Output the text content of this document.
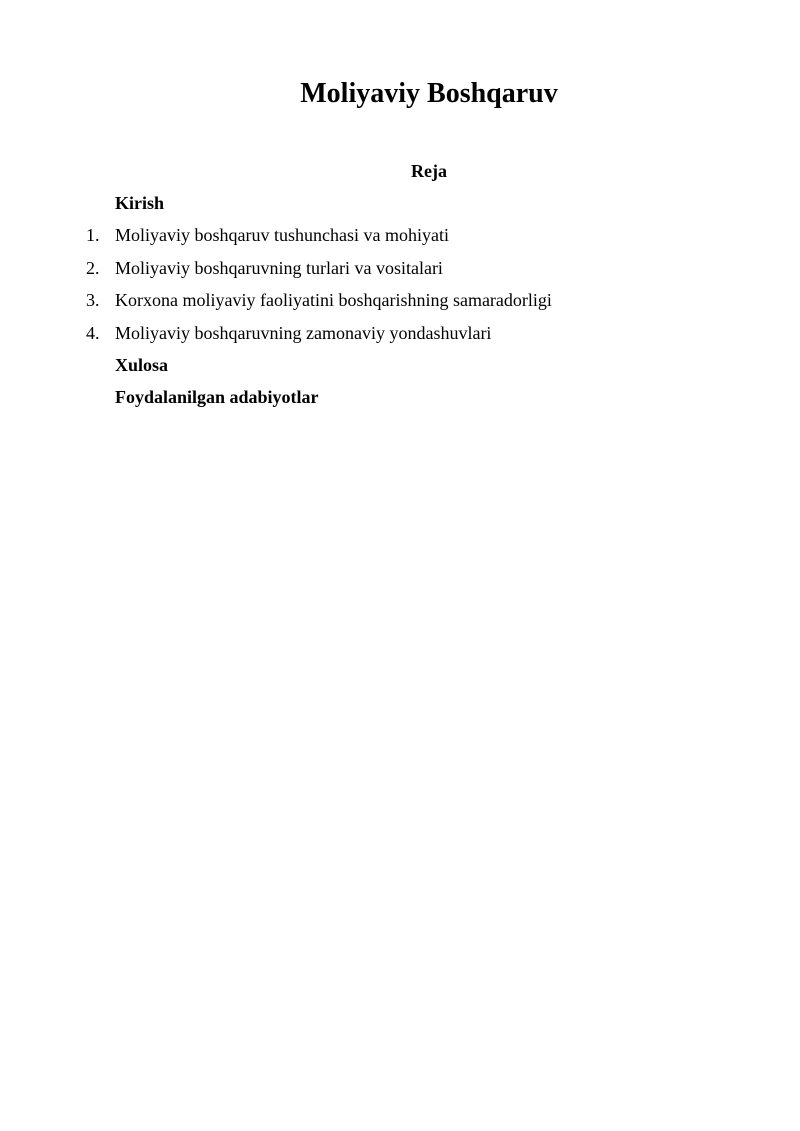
Moliyaviy Boshqaruv
Reja
Kirish
1. Moliyaviy boshqaruv tushunchasi va mohiyati
2. Moliyaviy boshqaruvning turlari va vositalari
3. Korxona moliyaviy faoliyatini boshqarishning samaradorligi
4. Moliyaviy boshqaruvning zamonaviy yondashuvlari
Xulosa
Foydalanilgan adabiyotlar
